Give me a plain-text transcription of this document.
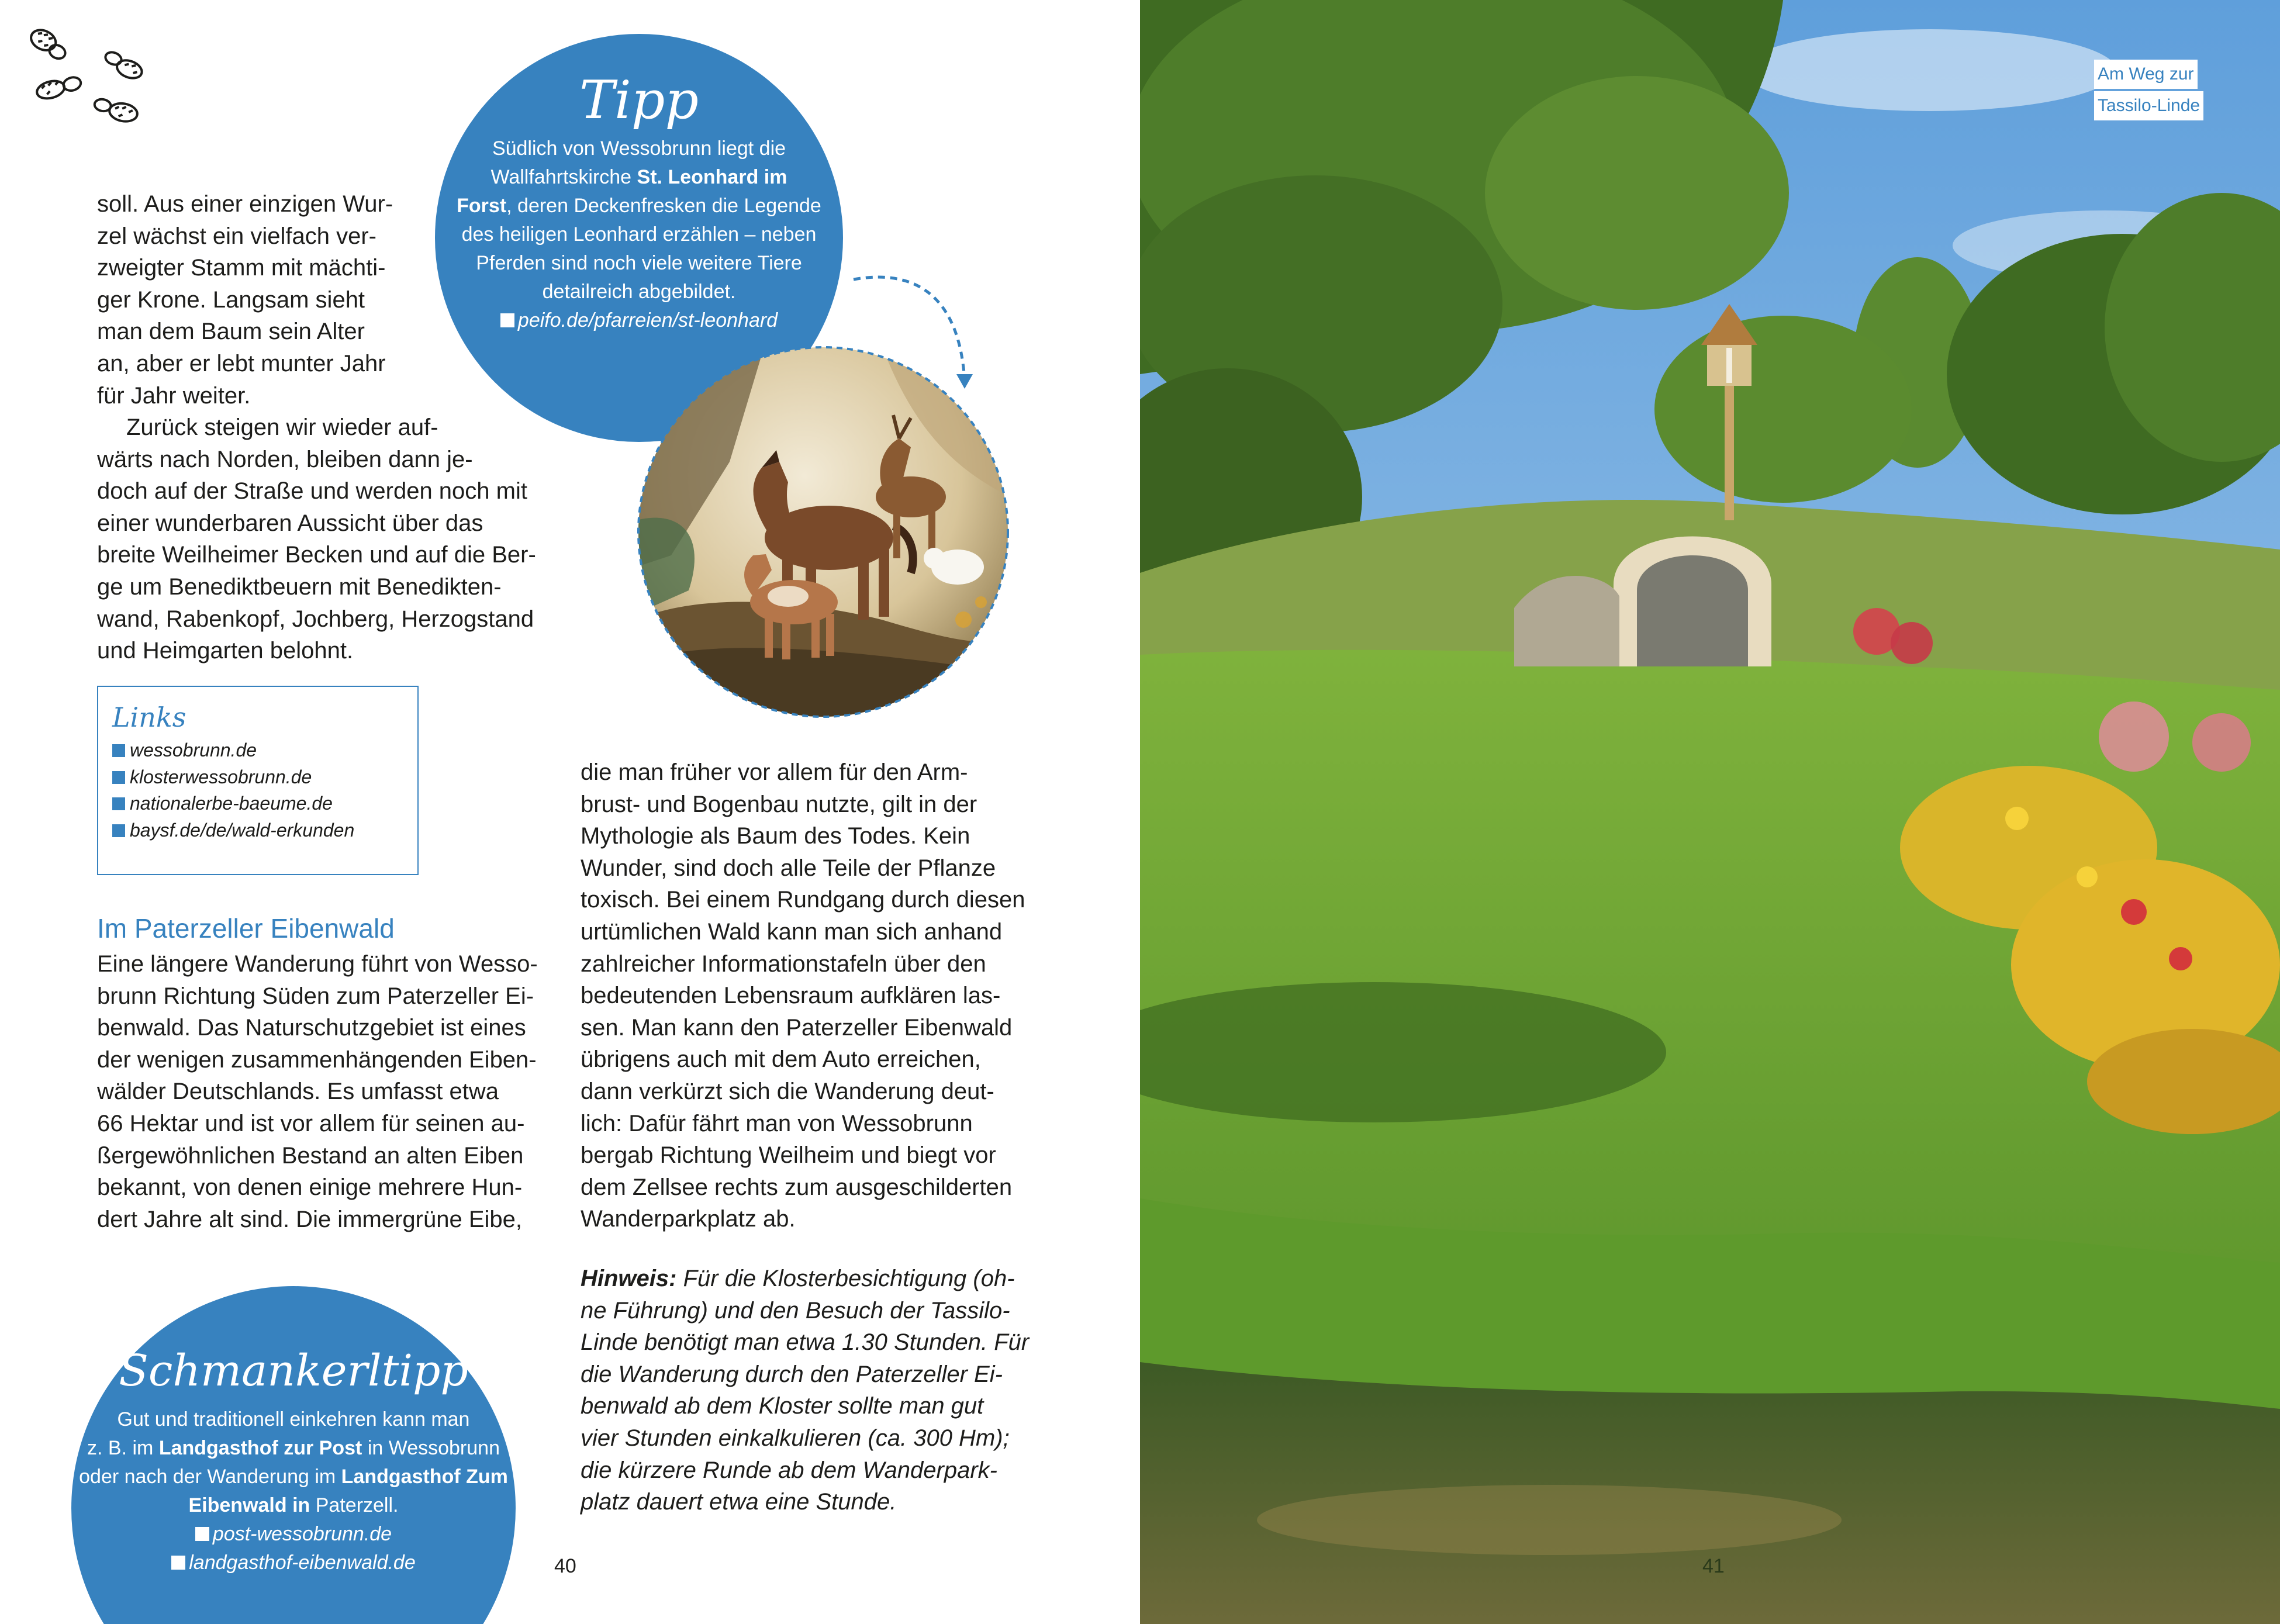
soll. Aus einer einzigen Wur-

zel wächst ein vielfach ver-

zweigter Stamm mit mächti-

ger Krone. Langsam sieht

man dem Baum sein Alter

an, aber er lebt munter Jahr

für Jahr weiter.

Zurück steigen wir wieder auf-

wärts nach Norden, bleiben dann je-

doch auf der Straße und werden noch mit

einer wunderbaren Aussicht über das

breite Weilheimer Becken und auf die Ber-

ge um Benediktbeuern mit Benedikten-

wand, Rabenkopf, Jochberg, Herzogstand

und Heimgarten belohnt.

Tipp
Südlich von Wessobrunn liegt die
Wallfahrtskirche St. Leonhard im
Forst, deren Deckenfresken die Legende
des heiligen Leonhard erzählen – neben
Pferden sind noch viele weitere Tiere
detailreich abgebildet.
peifo.de/pfarreien/st-leonhard
Links
wessobrunn.de
klosterwessobrunn.de
nationalerbe-baeume.de
baysf.de/de/wald-erkunden
Im Paterzeller Eibenwald

Eine längere Wanderung führt von Wesso-

brunn Richtung Süden zum Paterzeller Ei-

benwald. Das Naturschutzgebiet ist eines

der wenigen zusammenhängenden Eiben-

wälder Deutschlands. Es umfasst etwa

66 Hektar und ist vor allem für seinen au-

ßergewöhnlichen Bestand an alten Eiben

bekannt, von denen einige mehrere Hun-

dert Jahre alt sind. Die immergrüne Eibe,

die man früher vor allem für den Arm-

brust- und Bogenbau nutzte, gilt in der

Mythologie als Baum des Todes. Kein

Wunder, sind doch alle Teile der Pflanze

toxisch. Bei einem Rundgang durch diesen

urtümlichen Wald kann man sich anhand

zahlreicher Informationstafeln über den

bedeutenden Lebensraum aufklären las-

sen. Man kann den Paterzeller Eibenwald

übrigens auch mit dem Auto erreichen,

dann verkürzt sich die Wanderung deut-

lich: Dafür fährt man von Wessobrunn

bergab Richtung Weilheim und biegt vor

dem Zellsee rechts zum ausgeschilderten

Wanderparkplatz ab.

Hinweis: Für die Klosterbesichtigung (oh-

ne Führung) und den Besuch der Tassilo-

Linde benötigt man etwa 1.30 Stunden. Für

die Wanderung durch den Paterzeller Ei-

benwald ab dem Kloster sollte man gut

vier Stunden einkalkulieren (ca. 300 Hm);

die kürzere Runde ab dem Wanderpark-

platz dauert etwa eine Stunde.

Schmankerltipp
Gut und traditionell einkehren kann man
z. B. im Landgasthof zur Post in Wessobrunn
oder nach der Wanderung im Landgasthof Zum
Eibenwald in Paterzell.
post-wessobrunn.de
landgasthof-eibenwald.de	40
Am Weg zur
Tassilo-Linde
41
